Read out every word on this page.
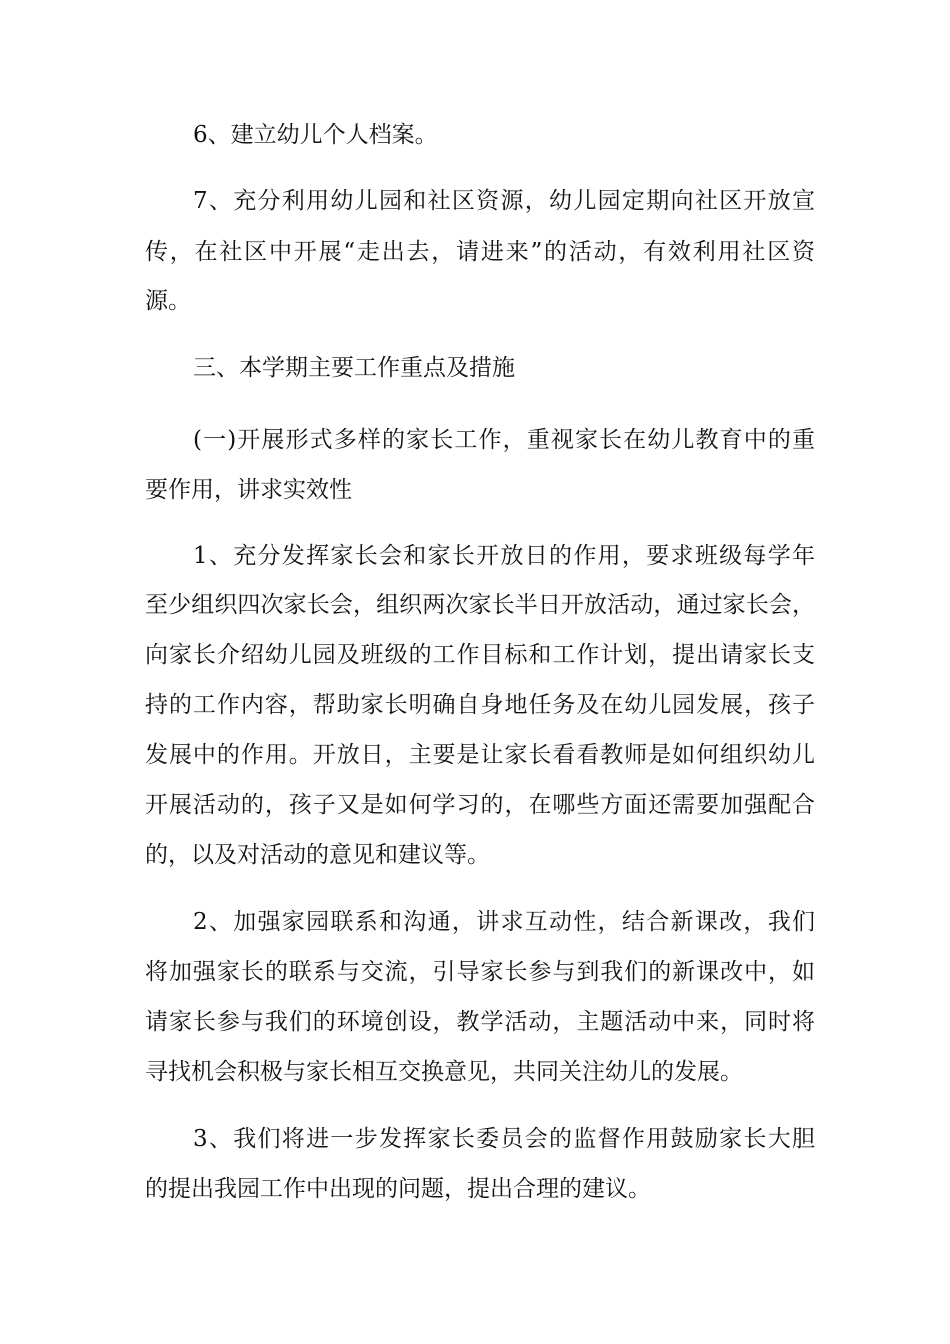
6、建立幼儿个人档案。
7、充分利用幼儿园和社区资源，幼儿园定期向社区开放宣
传，在社区中开展“走出去，请进来”的活动，有效利用社区资
源。
三、本学期主要工作重点及措施
(一)开展形式多样的家长工作，重视家长在幼儿教育中的重
要作用，讲求实效性
1、充分发挥家长会和家长开放日的作用，要求班级每学年
至少组织四次家长会，组织两次家长半日开放活动，通过家长会，
向家长介绍幼儿园及班级的工作目标和工作计划，提出请家长支
持的工作内容，帮助家长明确自身地任务及在幼儿园发展，孩子
发展中的作用。开放日，主要是让家长看看教师是如何组织幼儿
开展活动的，孩子又是如何学习的，在哪些方面还需要加强配合
的，以及对活动的意见和建议等。
2、加强家园联系和沟通，讲求互动性，结合新课改，我们
将加强家长的联系与交流，引导家长参与到我们的新课改中，如
请家长参与我们的环境创设，教学活动，主题活动中来，同时将
寻找机会积极与家长相互交换意见，共同关注幼儿的发展。
3、我们将进一步发挥家长委员会的监督作用鼓励家长大胆
的提出我园工作中出现的问题，提出合理的建议。
